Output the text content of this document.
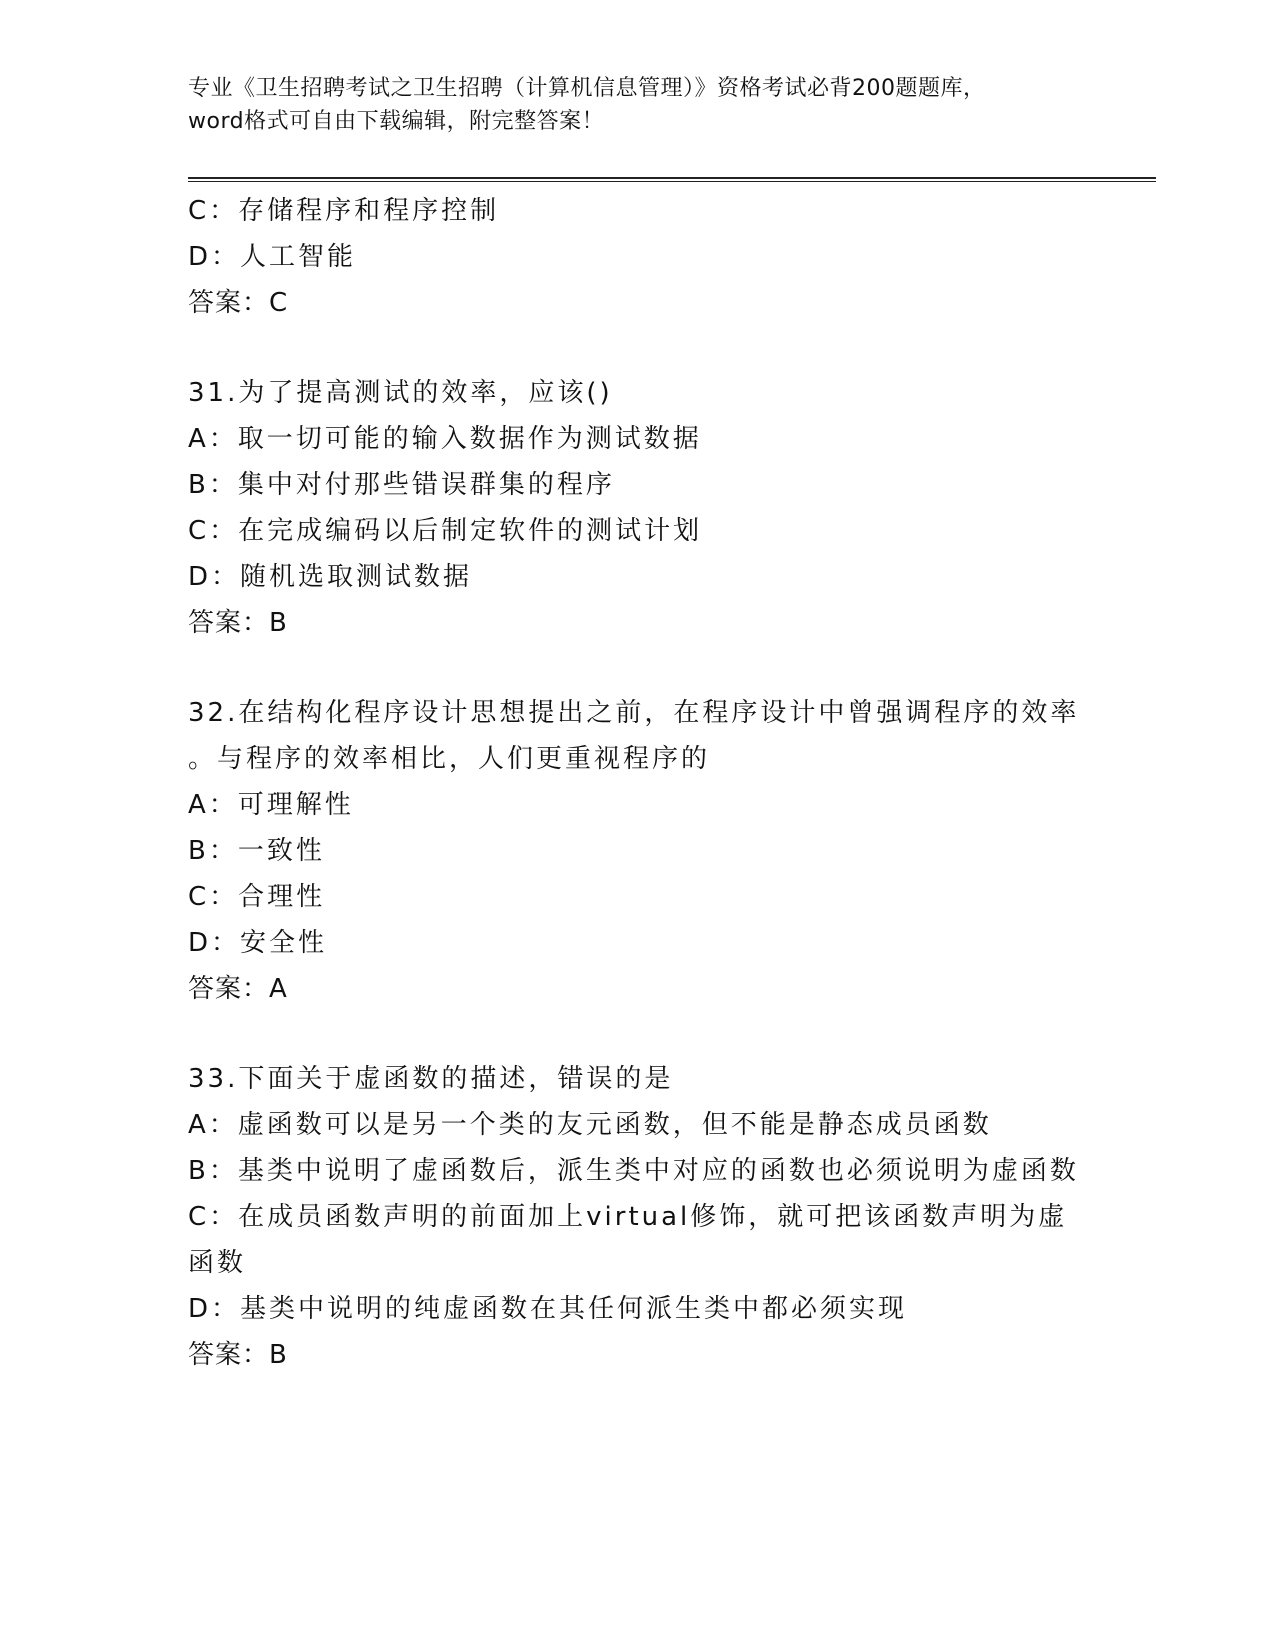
专业《卫生招聘考试之卫生招聘（计算机信息管理）》资格考试必背200题题库，
word格式可自由下载编辑，附完整答案！

C：存储程序和程序控制

D：人工智能

答案：C

31.为了提高测试的效率，应该()

A：取一切可能的输入数据作为测试数据

B：集中对付那些错误群集的程序

C：在完成编码以后制定软件的测试计划

D：随机选取测试数据

答案：B

32.在结构化程序设计思想提出之前，在程序设计中曾强调程序的效率

。与程序的效率相比，人们更重视程序的

A：可理解性

B：一致性

C：合理性

D：安全性

答案：A

33.下面关于虚函数的描述，错误的是

A：虚函数可以是另一个类的友元函数，但不能是静态成员函数

B：基类中说明了虚函数后，派生类中对应的函数也必须说明为虚函数

C：在成员函数声明的前面加上virtual修饰，就可把该函数声明为虚

函数

D：基类中说明的纯虚函数在其任何派生类中都必须实现

答案：B
